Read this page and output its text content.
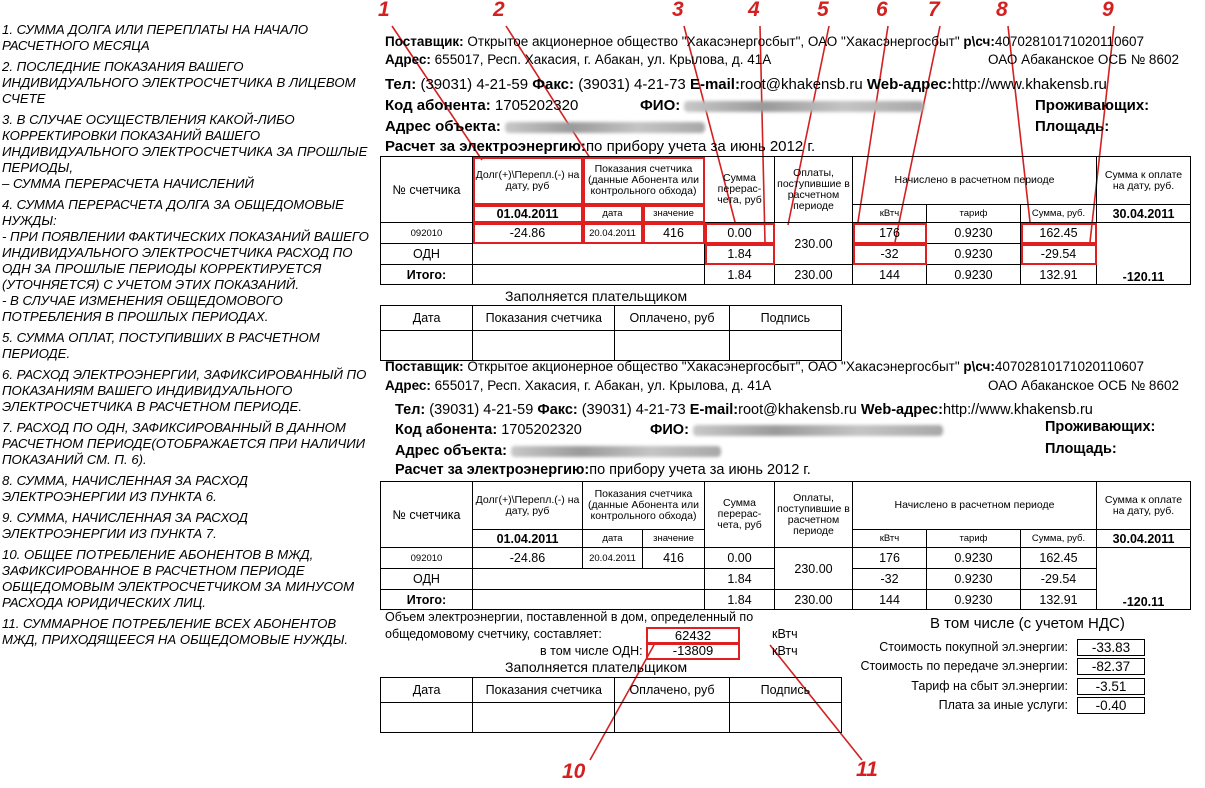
1. СУММА ДОЛГА ИЛИ ПЕРЕПЛАТЫ НА НАЧАЛО РАСЧЕТНОГО МЕСЯЦА
2. ПОСЛЕДНИЕ ПОКАЗАНИЯ ВАШЕГО ИНДИВИДУАЛЬНОГО ЭЛЕКТРОСЧЕТЧИКА В ЛИЦЕВОМ СЧЕТЕ
3. В СЛУЧАЕ ОСУЩЕСТВЛЕНИЯ КАКОЙ-ЛИБО КОРРЕКТИРОВКИ ПОКАЗАНИЙ ВАШЕГО ИНДИВИДУАЛЬНОГО ЭЛЕКТРОСЧЕТЧИКА ЗА ПРОШЛЫЕ ПЕРИОДЫ,
– СУММА ПЕРЕРАСЧЕТА НАЧИСЛЕНИЙ
4. СУММА ПЕРЕРАСЧЕТА ДОЛГА ЗА ОБЩЕДОМОВЫЕ НУЖДЫ:
- ПРИ ПОЯВЛЕНИИ ФАКТИЧЕСКИХ ПОКАЗАНИЙ ВАШЕГО ИНДИВИДУАЛЬНОГО ЭЛЕКТРОСЧЕТЧИКА РАСХОД ПО ОДН ЗА ПРОШЛЫЕ ПЕРИОДЫ КОРРЕКТИРУЕТСЯ (УТОЧНЯЕТСЯ) С УЧЕТОМ ЭТИХ ПОКАЗАНИЙ.
- В СЛУЧАЕ ИЗМЕНЕНИЯ ОБЩЕДОМОВОГО ПОТРЕБЛЕНИЯ В ПРОШЛЫХ ПЕРИОДАХ.
5. СУММА ОПЛАТ, ПОСТУПИВШИХ В РАСЧЕТНОМ ПЕРИОДЕ.
6. РАСХОД ЭЛЕКТРОЭНЕРГИИ, ЗАФИКСИРОВАННЫЙ ПО ПОКАЗАНИЯМ ВАШЕГО ИНДИВИДУАЛЬНОГО ЭЛЕКТРОСЧЕТЧИКА В РАСЧЕТНОМ ПЕРИОДЕ.
7. РАСХОД ПО ОДН, ЗАФИКСИРОВАННЫЙ В ДАННОМ РАСЧЕТНОМ ПЕРИОДЕ(ОТОБРАЖАЕТСЯ ПРИ НАЛИЧИИ ПОКАЗАНИЙ СМ. П. 6).
8. СУММА, НАЧИСЛЕННАЯ ЗА РАСХОД ЭЛЕКТРОЭНЕРГИИ ИЗ ПУНКТА 6.
9. СУММА, НАЧИСЛЕННАЯ ЗА РАСХОД ЭЛЕКТРОЭНЕРГИИ ИЗ ПУНКТА 7.
10. ОБЩЕЕ ПОТРЕБЛЕНИЕ АБОНЕНТОВ В МЖД, ЗАФИКСИРОВАННОЕ В РАСЧЕТНОМ ПЕРИОДЕ ОБЩЕДОМОВЫМ ЭЛЕКТРОСЧЕТЧИКОМ ЗА МИНУСОМ РАСХОДА ЮРИДИЧЕСКИХ ЛИЦ.
11. СУММАРНОЕ ПОТРЕБЛЕНИЕ ВСЕХ АБОНЕНТОВ МЖД, ПРИХОДЯЩЕЕСЯ НА ОБЩЕДОМОВЫЕ НУЖДЫ.
1	2	3	4	5 6 7	8	9
10	11
Поставщик: Открытое акционерное общество "Хакасэнергосбыт", ОАО "Хакасэнергосбыт" р\сч:40702810171020110607
Адрес: 655017, Респ. Хакасия, г. Абакан, ул. Крылова, д. 41А	ОАО Абаканское ОСБ № 8602
Тел: (39031) 4-21-59 Факс: (39031) 4-21-73 E-mail:root@khakensb.ru Web-адрес:http://www.khakensb.ru
Код абонента: 1705202320	ФИО:	Проживающих:
Адрес объекта:	Площадь:
Расчет за электроэнергию:по прибору учета за июнь 2012 г.
№ счетчика	Долг(+)\Перепл.(-) на дату, руб	Показания счетчика (данные Абонента или контрольного обхода)		Сумма перерас-чета, руб	Оплаты, поступившие в расчетном периоде	Начислено в расчетном периоде			Сумма к оплате на дату, руб.
	01.04.2011	дата	значение			кВтч	тариф	Сумма, руб.	30.04.2011
092010	-24.86	20.04.2011	416	0.00	230.00	176	0.9230	162.45	-120.11
ОДН				1.84		-32	0.9230	-29.54	
Итого:				1.84	230.00	144	0.9230	132.91	
Заполняется плательщиком
Дата	Показания счетчика	Оплачено, руб	Подпись

Поставщик: Открытое акционерное общество "Хакасэнергосбыт", ОАО "Хакасэнергосбыт" р\сч:40702810171020110607
Адрес: 655017, Респ. Хакасия, г. Абакан, ул. Крылова, д. 41А	ОАО Абаканское ОСБ № 8602
Тел: (39031) 4-21-59 Факс: (39031) 4-21-73 E-mail:root@khakensb.ru Web-адрес:http://www.khakensb.ru
Код абонента: 1705202320	ФИО:	Проживающих:
Адрес объекта:	Площадь:
Расчет за электроэнергию:по прибору учета за июнь 2012 г.
№ счетчика	Долг(+)\Перепл.(-) на дату, руб	Показания счетчика (данные Абонента или контрольного обхода)		Сумма перерас-чета, руб	Оплаты, поступившие в расчетном периоде	Начислено в расчетном периоде			Сумма к оплате на дату, руб.
	01.04.2011	дата	значение			кВтч	тариф	Сумма, руб.	30.04.2011
092010	-24.86	20.04.2011	416	0.00	230.00	176	0.9230	162.45	-120.11
ОДН				1.84		-32	0.9230	-29.54	
Итого:				1.84	230.00	144	0.9230	132.91	
Объем электроэнергии, поставленной в дом, определенный по
общедомовому счетчику, составляет:	62432	кВтч
в том числе ОДН:	-13809	кВтч
Заполняется плательщиком
Дата	Показания счетчика	Оплачено, руб	Подпись

В том числе (с учетом НДС)
Стоимость покупной эл.энергии:	-33.83
Стоимость по передаче эл.энергии:	-82.37
Тариф на сбыт эл.энергии:	-3.51
Плата за иные услуги:	-0.40
